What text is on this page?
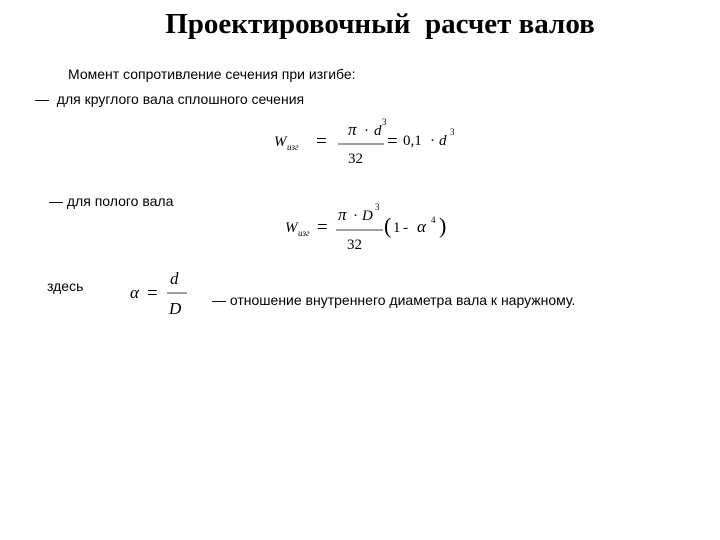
Проектировочный  расчет валов
Момент сопротивление сечения при изгибе:
—  для круглого вала сплошного сечения
W изг =
π · d
3
32
= 0,1 · d
3
— для полого вала
W изг =
π · D
3
32
( 1 - α 4 )
здесь	α =
d
D — отношение внутреннего диаметра вала к наружному.
